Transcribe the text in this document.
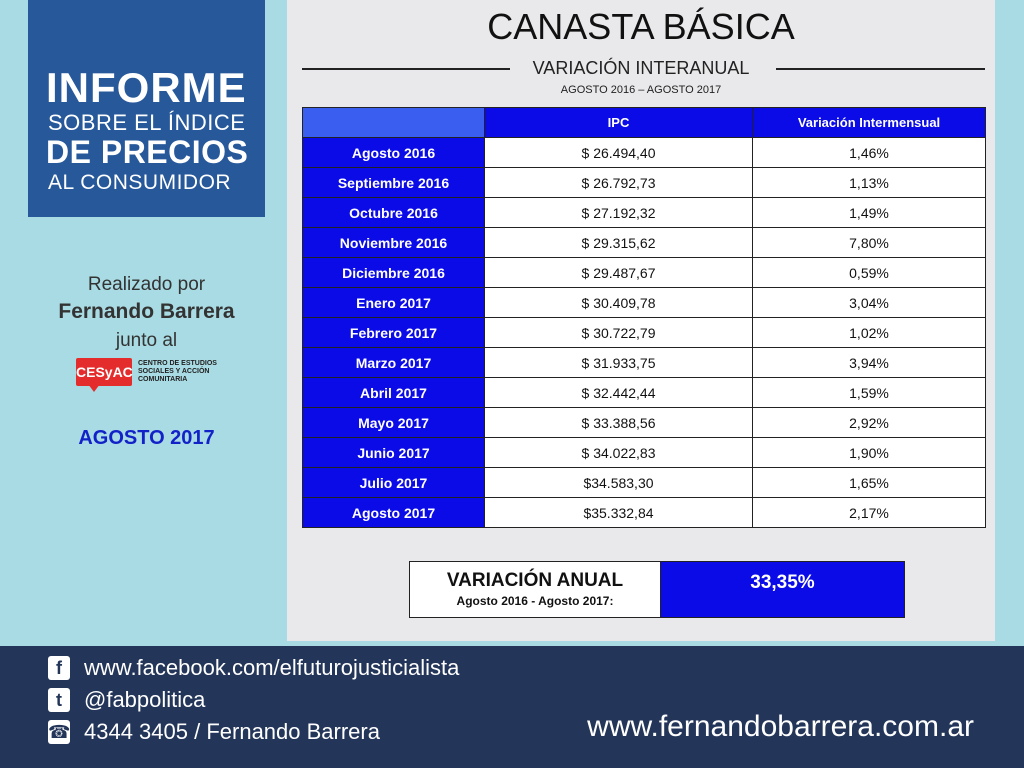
INFORME
SOBRE EL ÍNDICE
DE PRECIOS
AL CONSUMIDOR
Realizado por
Fernando Barrera
junto al
CESyAC
CENTRO DE ESTUDIOS SOCIALES Y ACCIÓN COMUNITARIA
AGOSTO 2017
CANASTA BÁSICA
VARIACIÓN INTERANUAL
AGOSTO 2016 – AGOSTO 2017
	IPC	Variación Intermensual
Agosto 2016	$ 26.494,40	1,46%
Septiembre 2016	$ 26.792,73	1,13%
Octubre 2016	$ 27.192,32	1,49%
Noviembre 2016	$ 29.315,62	7,80%
Diciembre 2016	$ 29.487,67	0,59%
Enero 2017	$ 30.409,78	3,04%
Febrero 2017	$ 30.722,79	1,02%
Marzo 2017	$ 31.933,75	3,94%
Abril 2017	$ 32.442,44	1,59%
Mayo 2017	$ 33.388,56	2,92%
Junio 2017	$ 34.022,83	1,90%
Julio 2017	$34.583,30	1,65%
Agosto 2017	$35.332,84	2,17%
VARIACIÓN ANUAL
Agosto 2016 - Agosto 2017:
33,35%
f	www.facebook.com/elfuturojusticialista
t	@fabpolitica
☎ 4344 3405 / Fernando Barrera	www.fernandobarrera.com.ar
